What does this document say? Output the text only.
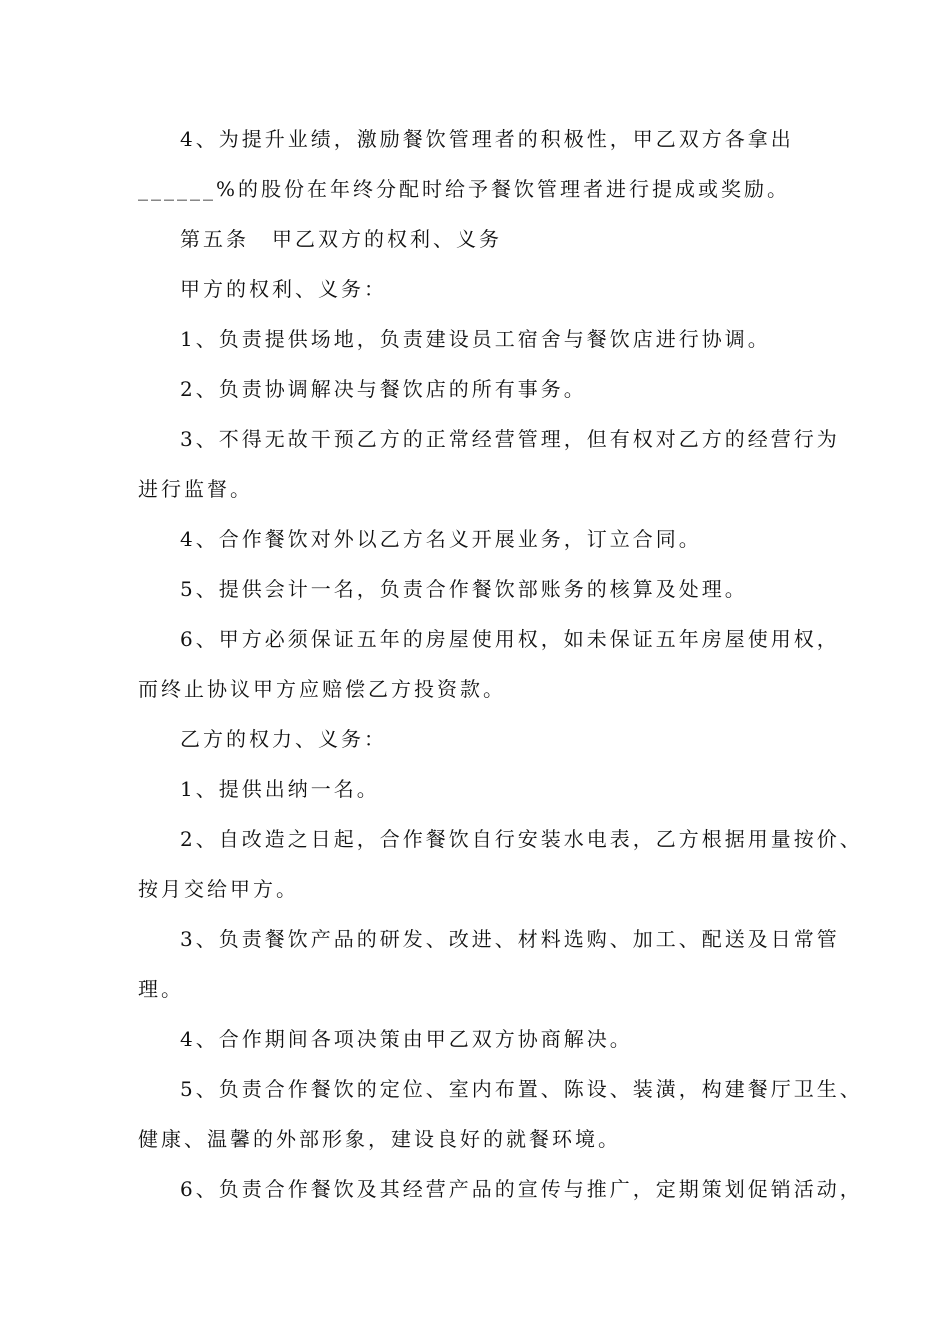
4、为提升业绩，激励餐饮管理者的积极性，甲乙双方各拿出
______%的股份在年终分配时给予餐饮管理者进行提成或奖励。
第五条　甲乙双方的权利、义务
甲方的权利、义务：
1、负责提供场地，负责建设员工宿舍与餐饮店进行协调。
2、负责协调解决与餐饮店的所有事务。
3、不得无故干预乙方的正常经营管理，但有权对乙方的经营行为
进行监督。
4、合作餐饮对外以乙方名义开展业务，订立合同。
5、提供会计一名，负责合作餐饮部账务的核算及处理。
6、甲方必须保证五年的房屋使用权，如未保证五年房屋使用权，
而终止协议甲方应赔偿乙方投资款。
乙方的权力、义务：
1、提供出纳一名。
2、自改造之日起，合作餐饮自行安装水电表，乙方根据用量按价、
按月交给甲方。
3、负责餐饮产品的研发、改进、材料选购、加工、配送及日常管
理。
4、合作期间各项决策由甲乙双方协商解决。
5、负责合作餐饮的定位、室内布置、陈设、装潢，构建餐厅卫生、
健康、温馨的外部形象，建设良好的就餐环境。
6、负责合作餐饮及其经营产品的宣传与推广，定期策划促销活动，
